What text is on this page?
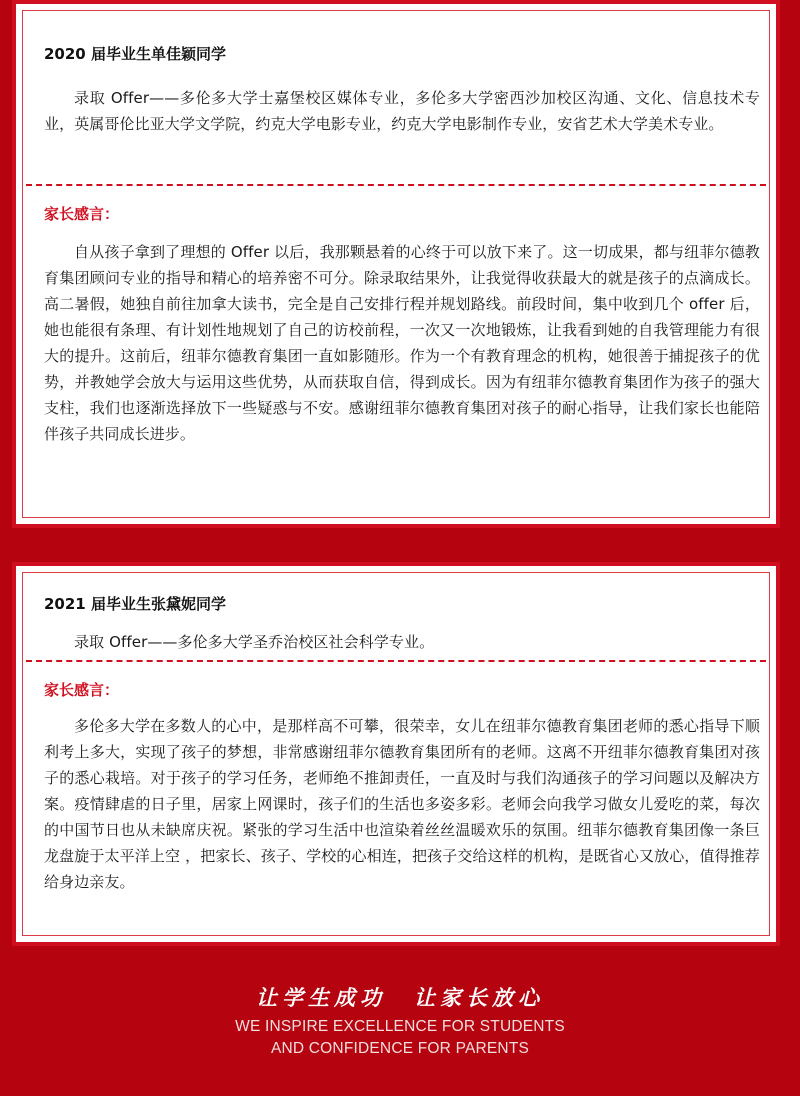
2020 届毕业生单佳颖同学

录取 Offer——多伦多大学士嘉堡校区媒体专业，多伦多大学密西沙加校区沟通、文化、信息技术专业，英属哥伦比亚大学文学院，约克大学电影专业，约克大学电影制作专业，安省艺术大学美术专业。

家长感言：

自从孩子拿到了理想的 Offer 以后，我那颗悬着的心终于可以放下来了。这一切成果，都与纽菲尔德教育集团顾问专业的指导和精心的培养密不可分。除录取结果外，让我觉得收获最大的就是孩子的点滴成长。高二暑假，她独自前往加拿大读书，完全是自己安排行程并规划路线。前段时间，集中收到几个 offer 后，她也能很有条理、有计划性地规划了自己的访校前程，一次又一次地锻炼，让我看到她的自我管理能力有很大的提升。这前后，纽菲尔德教育集团一直如影随形。作为一个有教育理念的机构，她很善于捕捉孩子的优势，并教她学会放大与运用这些优势，从而获取自信，得到成长。因为有纽菲尔德教育集团作为孩子的强大支柱，我们也逐渐选择放下一些疑惑与不安。感谢纽菲尔德教育集团对孩子的耐心指导，让我们家长也能陪伴孩子共同成长进步。

2021 届毕业生张黛妮同学

录取 Offer——多伦多大学圣乔治校区社会科学专业。

家长感言：

多伦多大学在多数人的心中，是那样高不可攀，很荣幸，女儿在纽菲尔德教育集团老师的悉心指导下顺利考上多大，实现了孩子的梦想，非常感谢纽菲尔德教育集团所有的老师。这离不开纽菲尔德教育集团对孩子的悉心栽培。对于孩子的学习任务，老师绝不推卸责任，一直及时与我们沟通孩子的学习问题以及解决方案。疫情肆虐的日子里，居家上网课时，孩子们的生活也多姿多彩。老师会向我学习做女儿爱吃的菜，每次的中国节日也从未缺席庆祝。紧张的学习生活中也渲染着丝丝温暖欢乐的氛围。纽菲尔德教育集团像一条巨龙盘旋于太平洋上空 ，把家长、孩子、学校的心相连，把孩子交给这样的机构，是既省心又放心，值得推荐给身边亲友。

让学生成功 让家长放心
WE INSPIRE EXCELLENCE FOR STUDENTS
AND CONFIDENCE FOR PARENTS
